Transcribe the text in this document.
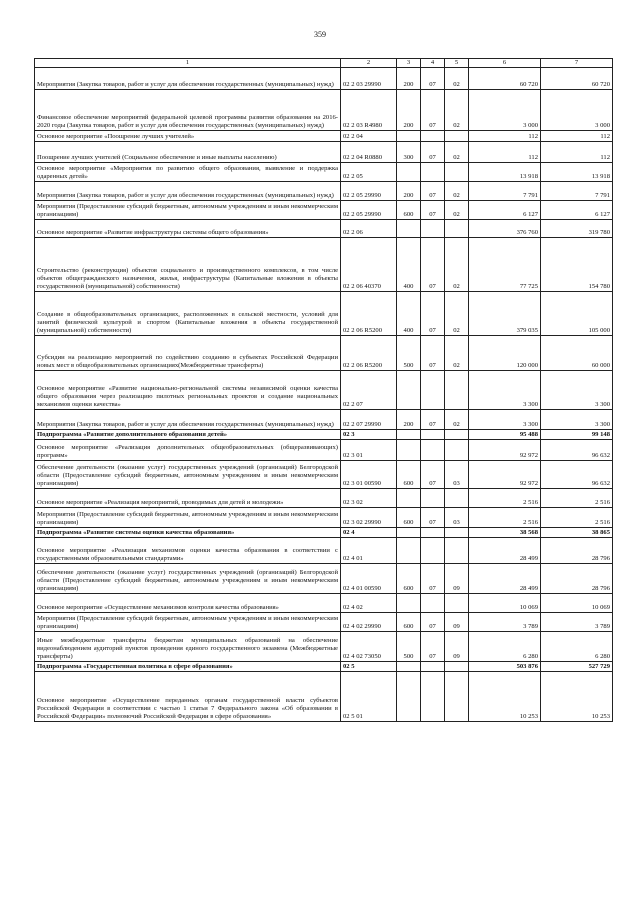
359
1	2	3	4	5	6	7
Мероприятия (Закупка товаров, работ и услуг для обеспечения государственных (муниципальных) нужд)	02 2 03 29990	200	07	02	60 720	60 720
Финансовое обеспечение мероприятий федеральной целевой программы развития образования на 2016-2020 годы (Закупка товаров, работ и услуг для обеспечения государственных (муниципальных) нужд)	02 2 03 R4980	200	07	02	3 000	3 000
Основное мероприятие «Поощрение лучших учителей»	02 2 04				112	112
Поощрение лучших учителей (Социальное обеспечение и иные выплаты населению)	02 2 04 R0880	300	07	02	112	112
Основное мероприятие «Мероприятия по развитию общего образования, выявление и поддержка одаренных детей»	02 2 05				13 918	13 918
Мероприятия (Закупка товаров, работ и услуг для обеспечения государственных (муниципальных) нужд)	02 2 05 29990	200	07	02	7 791	7 791
Мероприятия (Предоставление субсидий бюджетным, автономным учреждениям и иным некоммерческим организациям)	02 2 05 29990	600	07	02	6 127	6 127
Основное мероприятие «Развитие инфраструктуры системы общего образования»	02 2 06				376 760	319 780
Строительство (реконструкция) объектов социального и производственного комплексов, в том числе объектов общегражданского назначения, жилья, инфраструктуры (Капитальные вложения в объекты государственной (муниципальной) собственности)	02 2 06 40370	400	07	02	77 725	154 780
Создание в общеобразовательных организациях, расположенных в сельской местности, условий для занятий физической культурой и спортом (Капитальные вложения в объекты государственной (муниципальной) собственности)	02 2 06 R5200	400	07	02	379 035	105 000
Субсидии на реализацию мероприятий по содействию созданию в субъектах Российской Федерации новых мест в общеобразовательных организациях(Межбюджетные трансферты)	02 2 06 R5200	500	07	02	120 000	60 000
Основное мероприятие «Развитие национально-региональной системы независимой оценки качества общего образования через реализацию пилотных региональных проектов и создание национальных механизмов оценки качества»	02 2 07				3 300	3 300
Мероприятия (Закупка товаров, работ и услуг для обеспечения государственных (муниципальных) нужд)	02 2 07 29990	200	07	02	3 300	3 300
Подпрограмма «Развитие дополнительного образования детей»	02 3				95 488	99 148
Основное мероприятие «Реализация дополнительных общеобразовательных (общеразвивающих) программ»	02 3 01				92 972	96 632
Обеспечение деятельности (оказание услуг) государственных учреждений (организаций) Белгородской области (Предоставление субсидий бюджетным, автономным учреждениям и иным некоммерческим организациям)	02 3 01 00590	600	07	03	92 972	96 632
Основное мероприятие «Реализация мероприятий, проводимых для детей и молодежи»	02 3 02				2 516	2 516
Мероприятия (Предоставление субсидий бюджетным, автономным учреждениям и иным некоммерческим организациям)	02 3 02 29990	600	07	03	2 516	2 516
Подпрограмма «Развитие системы оценки качества образования»	02 4				38 568	38 865
Основное мероприятие «Реализация механизмов оценки качества образования в соответствии с государственными образовательными стандартами»	02 4 01				28 499	28 796
Обеспечение деятельности (оказание услуг) государственных учреждений (организаций) Белгородской области (Предоставление субсидий бюджетным, автономным учреждениям и иным некоммерческим организациям)	02 4 01 00590	600	07	09	28 499	28 796
Основное мероприятие «Осуществление механизмов контроля качества образования»	02 4 02				10 069	10 069
Мероприятия (Предоставление субсидий бюджетным, автономным учреждениям и иным некоммерческим организациям)	02 4 02 29990	600	07	09	3 789	3 789
Иные межбюджетные трансферты бюджетам муниципальных образований на обеспечение видеонаблюдением аудиторий пунктов проведения единого государственного экзамена (Межбюджетные трансферты)	02 4 02 73050	500	07	09	6 280	6 280
Подпрограмма «Государственная политика в сфере образования»	02 5				503 876	527 729
Основное мероприятие «Осуществление переданных органам государственной власти субъектов Российской Федерации в соответствии с частью 1 статьи 7 Федерального закона «Об образовании в Российской Федерации» полномочий Российской Федерации в сфере образования»	02 5 01				10 253	10 253
